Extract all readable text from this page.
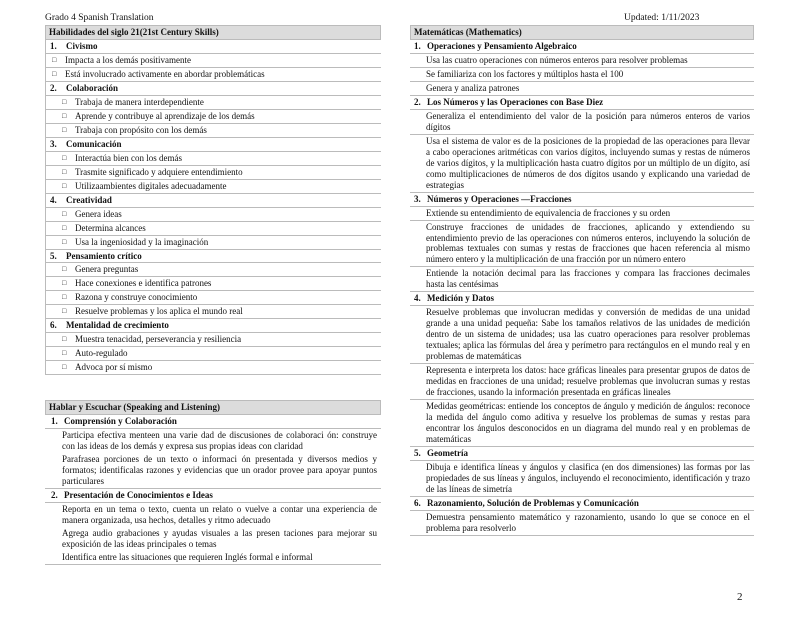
Grado 4 Spanish Translation	Updated: 1/11/2023
Habilidades del siglo 21(21st Century Skills)
1. Civismo
□ Impacta a los demás positivamente
□ Está involucrado activamente en abordar problemáticas
2. Colaboración
□ Trabaja de manera interdependiente
□ Aprende y contribuye al aprendizaje de los demás
□ Trabaja con propósito con los demás
3. Comunicación
□ Interactúa bien con los demás
□ Trasmite significado y adquiere entendimiento
□ Utilizaambientes digitales adecuadamente
4. Creatividad
□ Genera ideas
□ Determina alcances
□ Usa la ingeniosidad y la imaginación
5. Pensamiento crítico
□ Genera preguntas
□ Hace conexiones e identifica patrones
□ Razona y construye conocimiento
□ Resuelve problemas y los aplica el mundo real
6. Mentalidad de crecimiento
□ Muestra tenacidad, perseverancia y resiliencia
□ Auto-regulado
□ Advoca por sí mismo
Hablar y Escuchar (Speaking and Listening)
1. Comprensión y Colaboración
Participa efectiva menteen una varie dad de discusiones de colaboraci ón: construye con las ideas de los demás y expresa sus propias ideas con claridad
Parafrasea porciones de un texto o informaci ón presentada y diversos medios y formatos; identificalas razones y evidencias que un orador provee para apoyar puntos particulares
2. Presentación de Conocimientos e Ideas
Reporta en un tema o texto, cuenta un relato o vuelve a contar una experiencia de manera organizada, usa hechos, detalles y ritmo adecuado
Agrega audio grabaciones y ayudas visuales a las presen taciones para mejorar su exposición de las ideas principales o temas
Identifica entre las situaciones que requieren Inglés formal e informal
Matemáticas (Mathematics)
1. Operaciones y Pensamiento Algebraico
Usa las cuatro operaciones con números enteros para resolver problemas
Se familiariza con los factores y múltiplos hasta el 100
Genera y analiza patrones
2. Los Números y las Operaciones con Base Diez
Generaliza el entendimiento del valor de la posición para números enteros de varios dígitos
Usa el sistema de valor es de la posiciones de la propiedad de las operaciones para llevar a cabo operaciones aritméticas con varios dígitos, incluyendo sumas y restas de números de varios dígitos, y la multiplicación hasta cuatro dígitos por un múltiplo de un dígito, así como multiplicaciones de números de dos dígitos usando y explicando una variedad de estrategias
3. Números y Operaciones —Fracciones
Extiende su entendimiento de equivalencia de fracciones y su orden
Construye fracciones de unidades de fracciones, aplicando y extendiendo su entendimiento previo de las operaciones con números enteros, incluyendo la solución de problemas textuales con sumas y restas de fracciones que hacen referencia al mismo número entero y la multiplicación de una fracción por un número entero
Entiende la notación decimal para las fracciones y compara las fracciones decimales hasta las centésimas
4. Medición y Datos
Resuelve problemas que involucran medidas y conversión de medidas de una unidad grande a una unidad pequeña: Sabe los tamaños relativos de las unidades de medición dentro de un sistema de unidades; usa las cuatro operaciones para resolver problemas textuales; aplica las fórmulas del área y perímetro para rectángulos en el mundo real y en problemas de matemáticas
Representa e interpreta los datos: hace gráficas lineales para presentar grupos de datos de medidas en fracciones de una unidad; resuelve problemas que involucran sumas y restas de fracciones, usando la información presentada en gráficas lineales
Medidas geométricas: entiende los conceptos de ángulo y medición de ángulos: reconoce la medida del ángulo como aditiva y resuelve los problemas de sumas y restas para encontrar los ángulos desconocidos en un diagrama del mundo real y en problemas de matemáticas
5. Geometría
Dibuja e identifica líneas y ángulos y clasifica (en dos dimensiones) las formas por las propiedades de sus líneas y ángulos, incluyendo el reconocimiento, identificación y trazo de las líneas de simetría
6. Razonamiento, Solución de Problemas y Comunicación
Demuestra pensamiento matemático y razonamiento, usando lo que se conoce en el problema para resolverlo
2
